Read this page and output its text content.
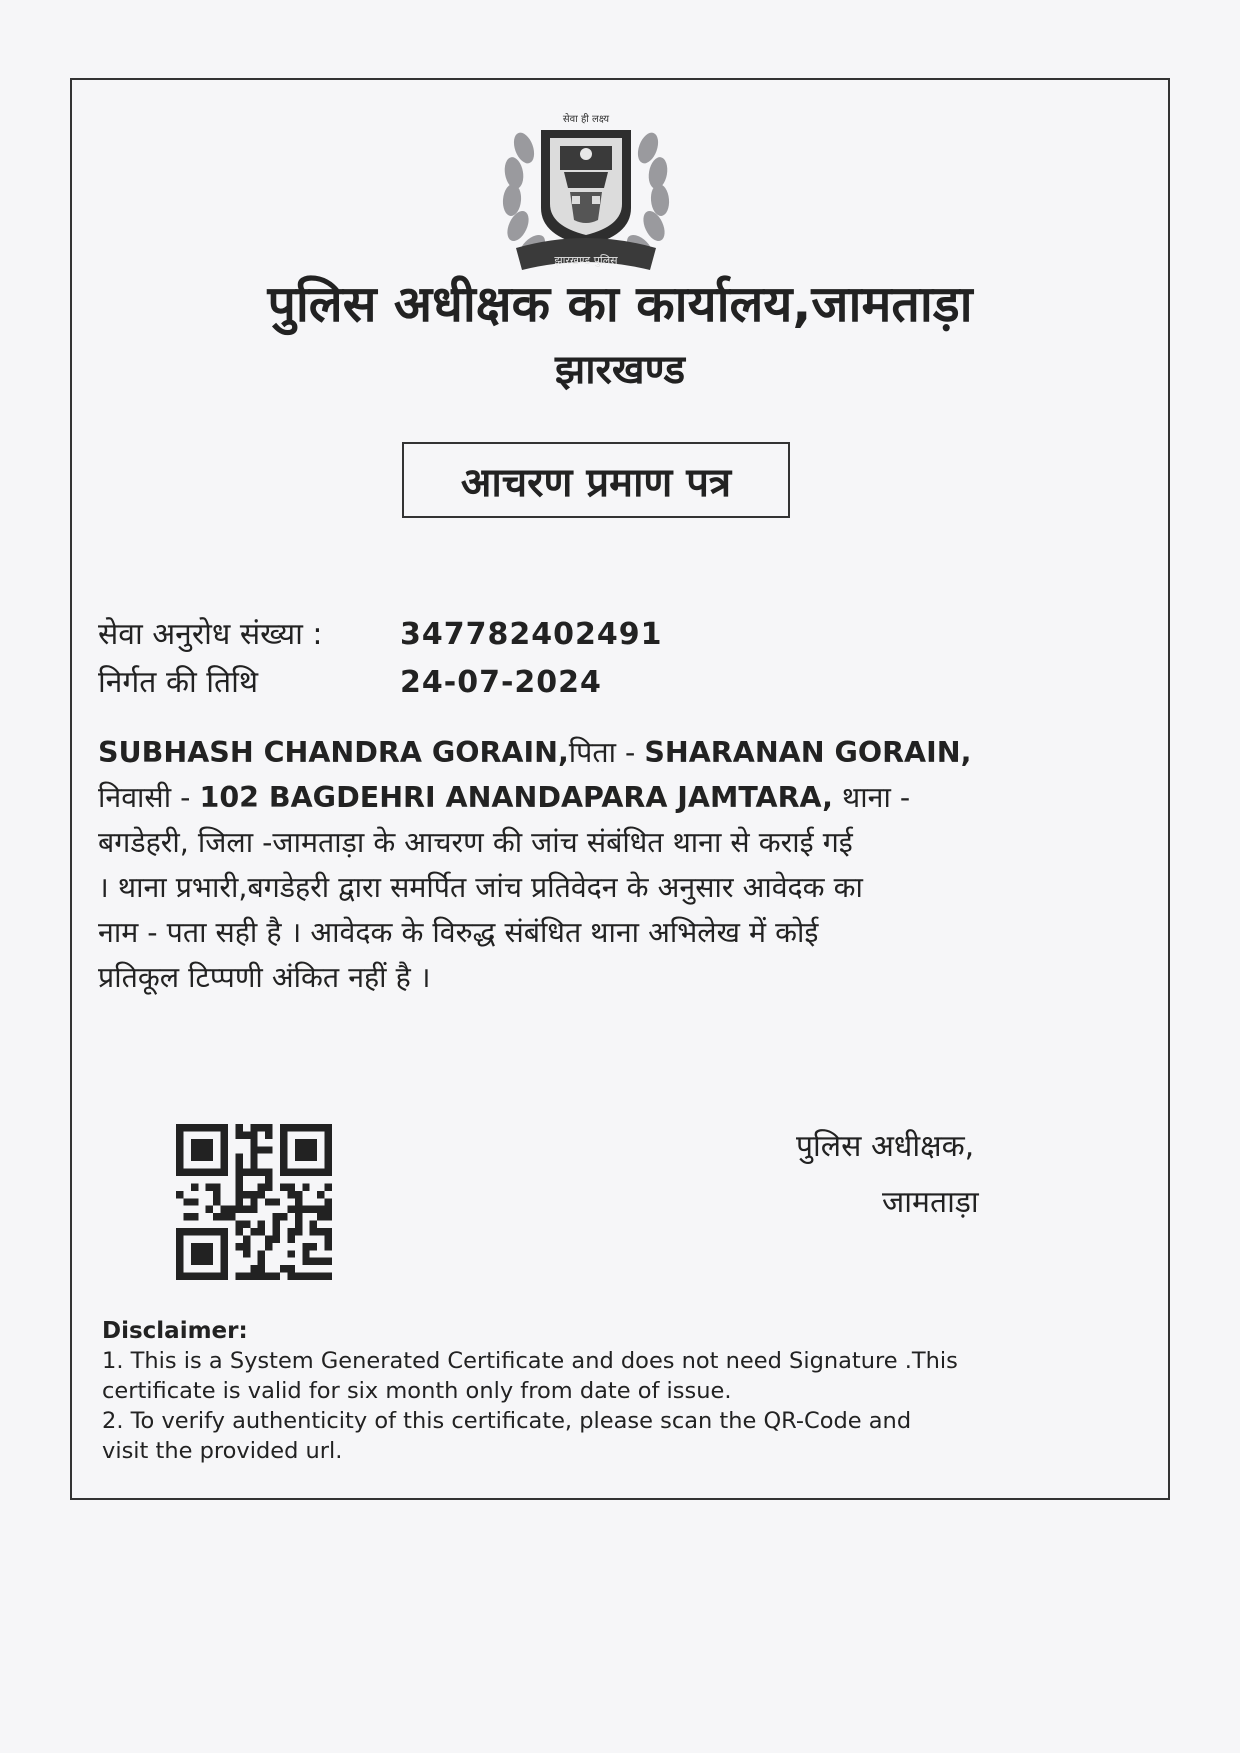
सेवा ही लक्ष्य
झारखण्ड पुलिस
पुलिस अधीक्षक का कार्यालय,जामताड़ा
झारखण्ड
आचरण प्रमाण पत्र
सेवा अनुरोध संख्या :	347782402491
निर्गत की तिथि	24-07-2024
SUBHASH CHANDRA GORAIN,पिता - SHARANAN GORAIN,
निवासी - 102 BAGDEHRI ANANDAPARA JAMTARA, थाना -
बगडेहरी, जिला -जामताड़ा के आचरण की जांच संबंधित थाना से कराई गई
। थाना प्रभारी,बगडेहरी द्वारा समर्पित जांच प्रतिवेदन के अनुसार आवेदक का
नाम - पता सही है । आवेदक के विरुद्ध संबंधित थाना अभिलेख में कोई
प्रतिकूल टिप्पणी अंकित नहीं है ।
पुलिस अधीक्षक,
जामताड़ा
Disclaimer:
1. This is a System Generated Certificate and does not need Signature .This
certificate is valid for six month only from date of issue.
2. To verify authenticity of this certificate, please scan the QR-Code and
visit the provided url.
